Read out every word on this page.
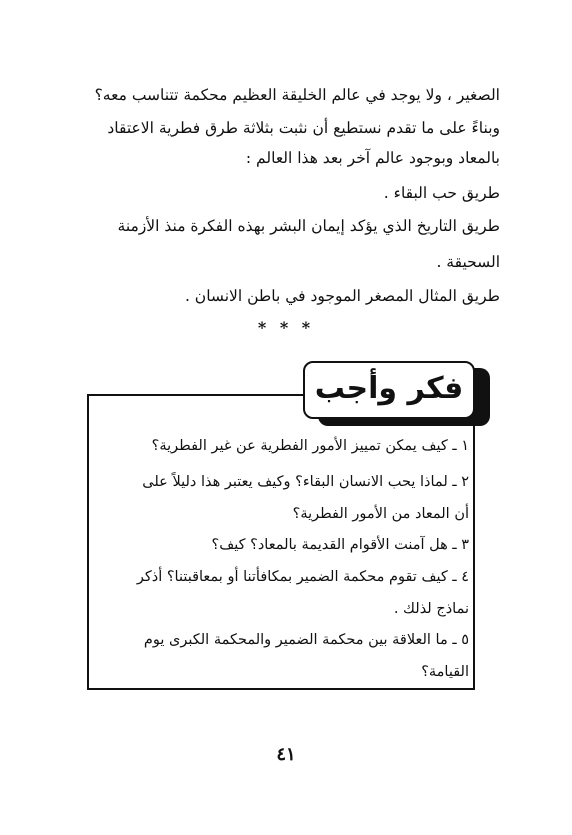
الصغير ، ولا يوجد في عالم الخليقة العظيم محكمة تتناسب معه؟
وبناءً على ما تقدم نستطيع أن نثبت بثلاثة طرق فطرية الاعتقاد
بالمعاد وبوجود عالم آخر بعد هذا العالم :
طريق حب البقاء .
طريق التاريخ الذي يؤكد إيمان البشر بهذه الفكرة منذ الأزمنة
السحيقة .
طريق المثال المصغر الموجود في باطن الانسان .
* * *
فكر وأجب
١ ـ كيف يمكن تمييز الأمور الفطرية عن غير الفطرية؟
٢ ـ لماذا يحب الانسان البقاء؟ وكيف يعتبر هذا دليلاً على
أن المعاد من الأمور الفطرية؟
٣ ـ هل آمنت الأقوام القديمة بالمعاد؟ كيف؟
٤ ـ كيف تقوم محكمة الضمير بمكافأتنا أو بمعاقبتنا؟ أذكر
نماذج لذلك .
٥ ـ ما العلاقة بين محكمة الضمير والمحكمة الكبرى يوم
القيامة؟
٤١
